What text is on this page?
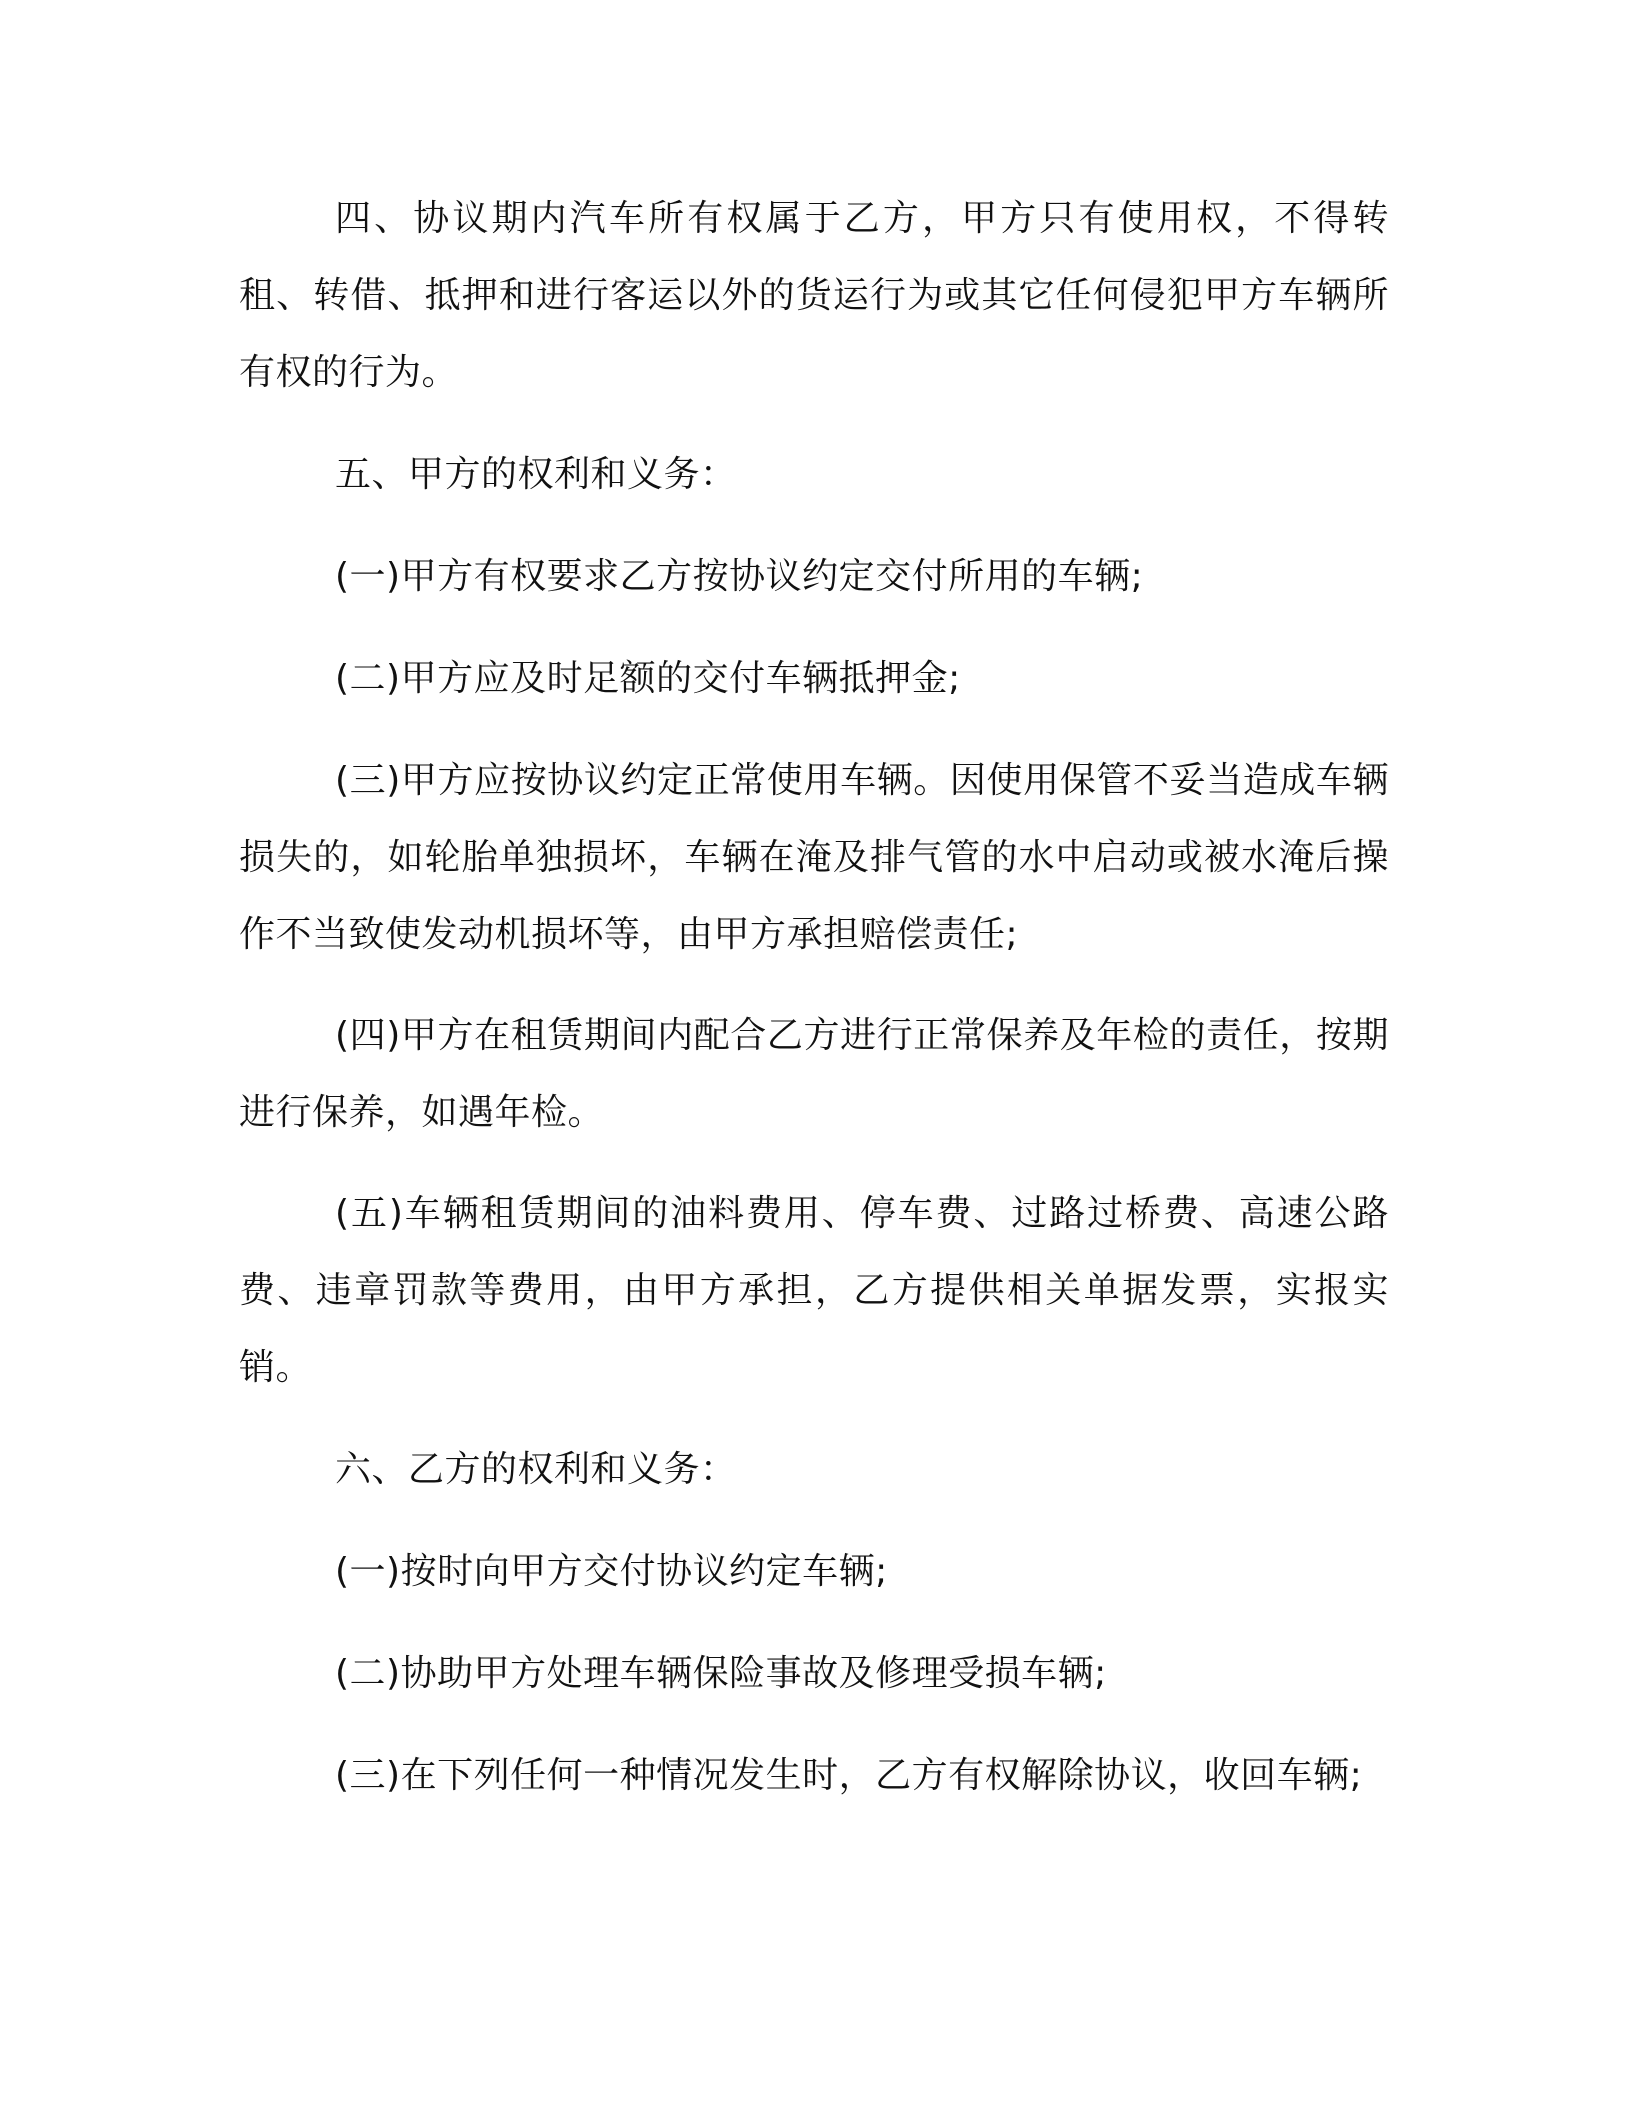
四、协议期内汽车所有权属于乙方，甲方只有使用权，不得转租、转借、抵押和进行客运以外的货运行为或其它任何侵犯甲方车辆所有权的行为。

五、甲方的权利和义务：

(一)甲方有权要求乙方按协议约定交付所用的车辆;

(二)甲方应及时足额的交付车辆抵押金;

(三)甲方应按协议约定正常使用车辆。因使用保管不妥当造成车辆损失的，如轮胎单独损坏，车辆在淹及排气管的水中启动或被水淹后操作不当致使发动机损坏等，由甲方承担赔偿责任;

(四)甲方在租赁期间内配合乙方进行正常保养及年检的责任，按期进行保养，如遇年检。

(五)车辆租赁期间的油料费用、停车费、过路过桥费、高速公路费、违章罚款等费用，由甲方承担，乙方提供相关单据发票，实报实销。

六、乙方的权利和义务：

(一)按时向甲方交付协议约定车辆;

(二)协助甲方处理车辆保险事故及修理受损车辆;

(三)在下列任何一种情况发生时，乙方有权解除协议，收回车辆;
